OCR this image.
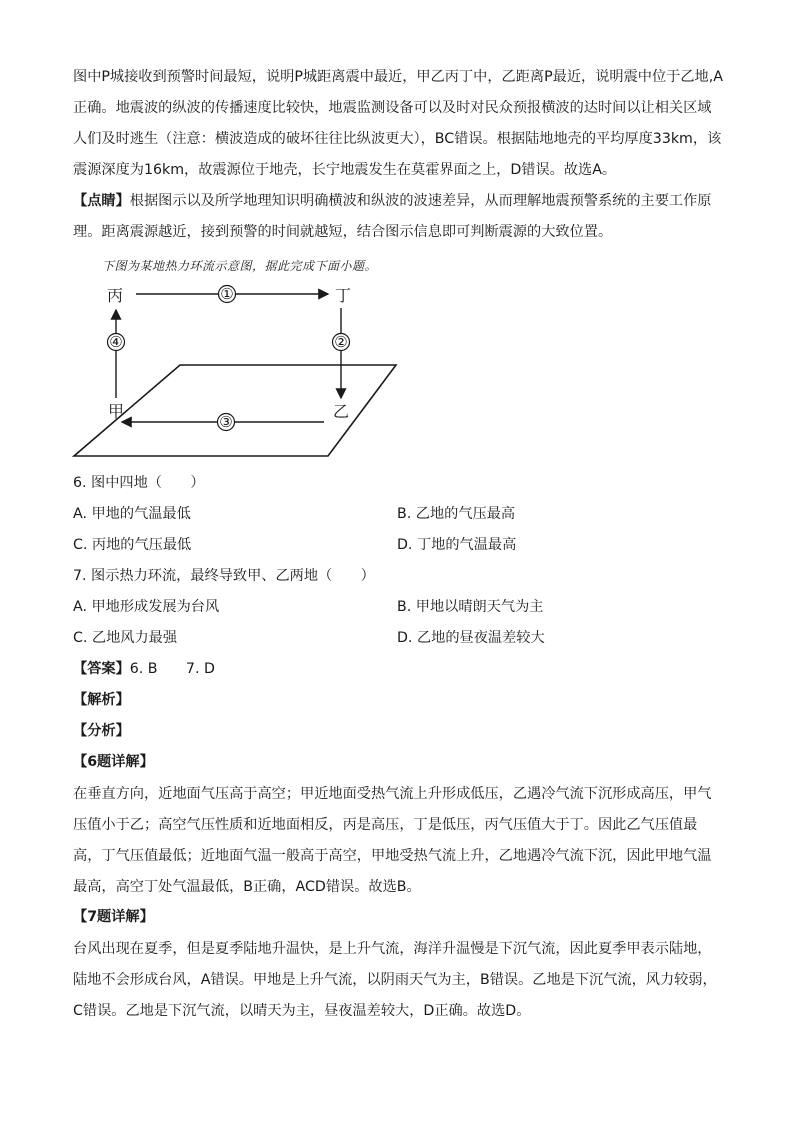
图中P城接收到预警时间最短，说明P城距离震中最近，甲乙丙丁中，乙距离P最近，说明震中位于乙地,A正确。地震波的纵波的传播速度比较快，地震监测设备可以及时对民众预报横波的达时间以让相关区域人们及时逃生（注意：横波造成的破坏往往比纵波更大），BC错误。根据陆地地壳的平均厚度33km，该震源深度为16km，故震源位于地壳，长宁地震发生在莫霍界面之上，D错误。故选A。

【点睛】根据图示以及所学地理知识明确横波和纵波的波速差异，从而理解地震预警系统的主要工作原理。距离震源越近，接到预警的时间就越短，结合图示信息即可判断震源的大致位置。

下图为某地热力环流示意图，据此完成下面小题。
①
②
③
④
丙	丁
甲	乙
6. 图中四地（　　）
A. 甲地的气温最低	B. 乙地的气压最高
C. 丙地的气压最低	D. 丁地的气温最高
7. 图示热力环流，最终导致甲、乙两地（　　）
A. 甲地形成发展为台风	B. 甲地以晴朗天气为主
C. 乙地风力最强	D. 乙地的昼夜温差较大
【答案】6. B　　7. D
【解析】
【分析】
【6题详解】

在垂直方向，近地面气压高于高空；甲近地面受热气流上升形成低压，乙遇冷气流下沉形成高压，甲气压值小于乙；高空气压性质和近地面相反，丙是高压，丁是低压，丙气压值大于丁。因此乙气压值最高，丁气压值最低；近地面气温一般高于高空，甲地受热气流上升，乙地遇冷气流下沉，因此甲地气温最高，高空丁处气温最低，B正确，ACD错误。故选B。

【7题详解】

台风出现在夏季，但是夏季陆地升温快，是上升气流，海洋升温慢是下沉气流，因此夏季甲表示陆地，陆地不会形成台风，A错误。甲地是上升气流，以阴雨天气为主，B错误。乙地是下沉气流，风力较弱，C错误。乙地是下沉气流，以晴天为主，昼夜温差较大，D正确。故选D。
